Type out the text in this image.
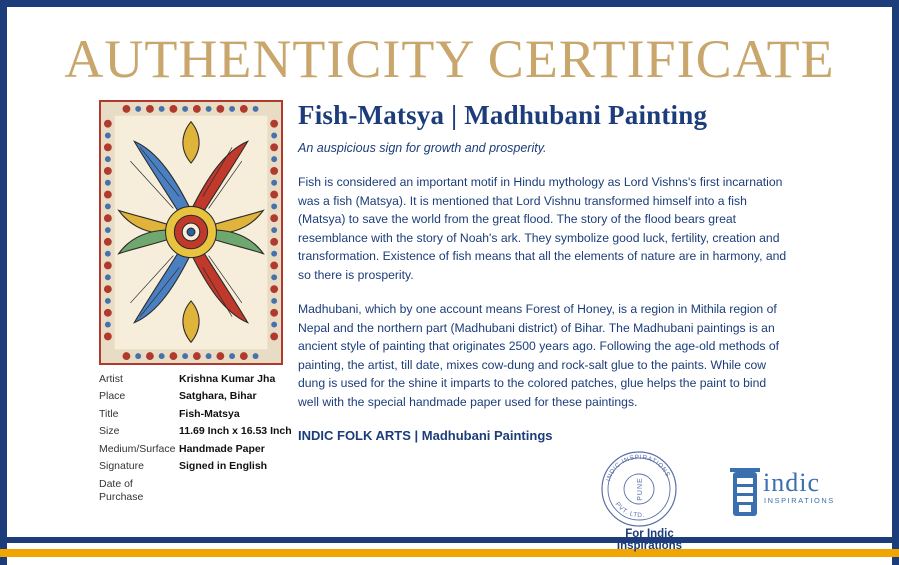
AUTHENTICITY CERTIFICATE
Artist	Krishna Kumar Jha
Place	Satghara, Bihar
Title	Fish-Matsya
Size	11.69 Inch x 16.53 Inch
Medium/Surface	Handmade Paper
Signature	Signed in English
Date of Purchase	
Fish-Matsya | Madhubani Painting

An auspicious sign for growth and prosperity.

Fish is considered an important motif in Hindu mythology as Lord Vishns's first incarnation was a fish (Matsya). It is mentioned that Lord Vishnu transformed himself into a fish (Matsya) to save the world from the great flood. The story of the flood bears great resemblance with the story of Noah's ark. They symbolize good luck, fertility, creation and transformation. Existence of fish means that all the elements of nature are in harmony, and so there is prosperity.

Madhubani, which by one account means Forest of Honey, is a region in Mithila region of Nepal and the northern part (Madhubani district) of Bihar. The Madhubani paintings is an ancient style of painting that originates 2500 years ago. Following the age-old methods of painting, the artist, till date, mixes cow-dung and rock-salt glue to the paints. While cow dung is used for the shine it imparts to the colored patches, glue helps the paint to bind well with the special handmade paper used for these paintings.

INDIC FOLK ARTS | Madhubani Paintings

INDIC INSPIRATIONS
PVT. LTD.
PUNE
For Indic Inspirations
indic
INSPIRATIONS
